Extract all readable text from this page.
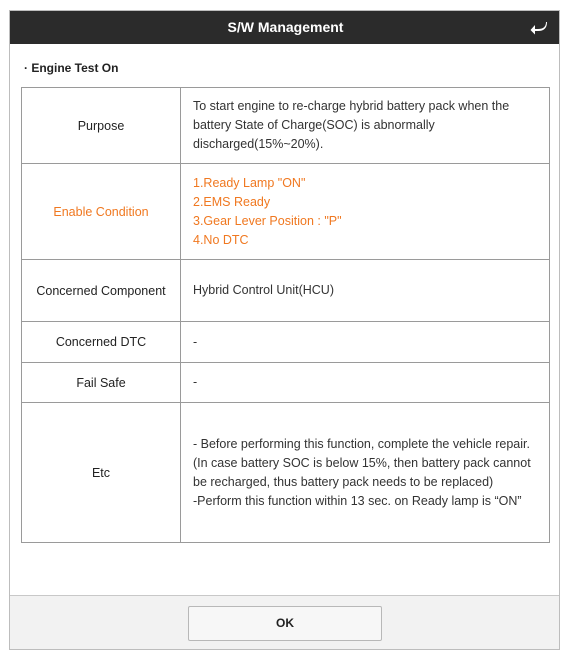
S/W Management
· Engine Test On
Purpose	To start engine to re-charge hybrid battery pack when the battery State of Charge(SOC) is abnormally discharged(15%~20%).
Enable Condition	1.Ready Lamp "ON"
2.EMS Ready
3.Gear Lever Position : "P"
4.No DTC

Concerned Component	Hybrid Control Unit(HCU)
Concerned DTC	-
Fail Safe	-
Etc	- Before performing this function, complete the vehicle repair.(In case battery SOC is below 15%, then battery pack cannot be recharged, thus battery pack needs to be replaced)
-Perform this function within 13 sec. on Ready lamp is “ON”
OK
